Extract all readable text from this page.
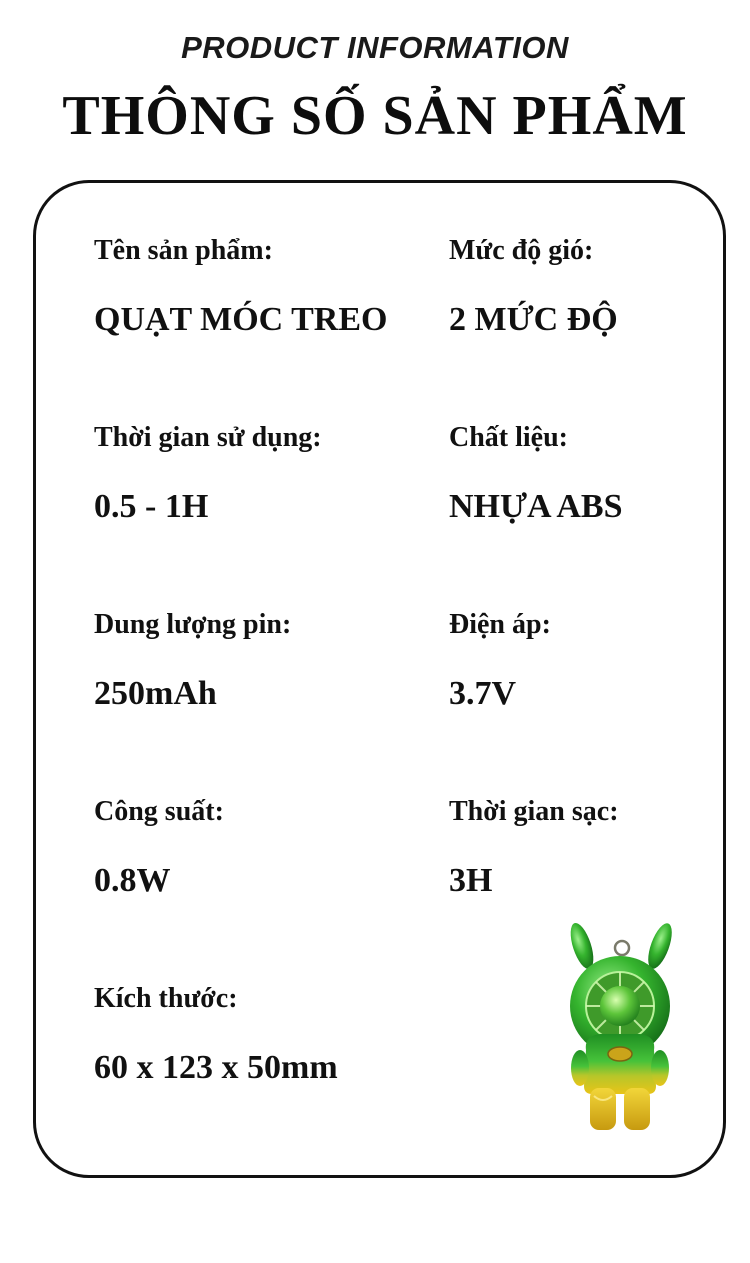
PRODUCT INFORMATION
THÔNG SỐ SẢN PHẨM
Tên sản phẩm:
QUẠT MÓC TREO
Mức độ gió:
2 MỨC ĐỘ
Thời gian sử dụng:
0.5 - 1H
Chất liệu:
NHỰA ABS
Dung lượng pin:
250mAh
Điện áp:
3.7V
Công suất:
0.8W
Thời gian sạc:
3H
Kích thước:
60 x 123 x 50mm
